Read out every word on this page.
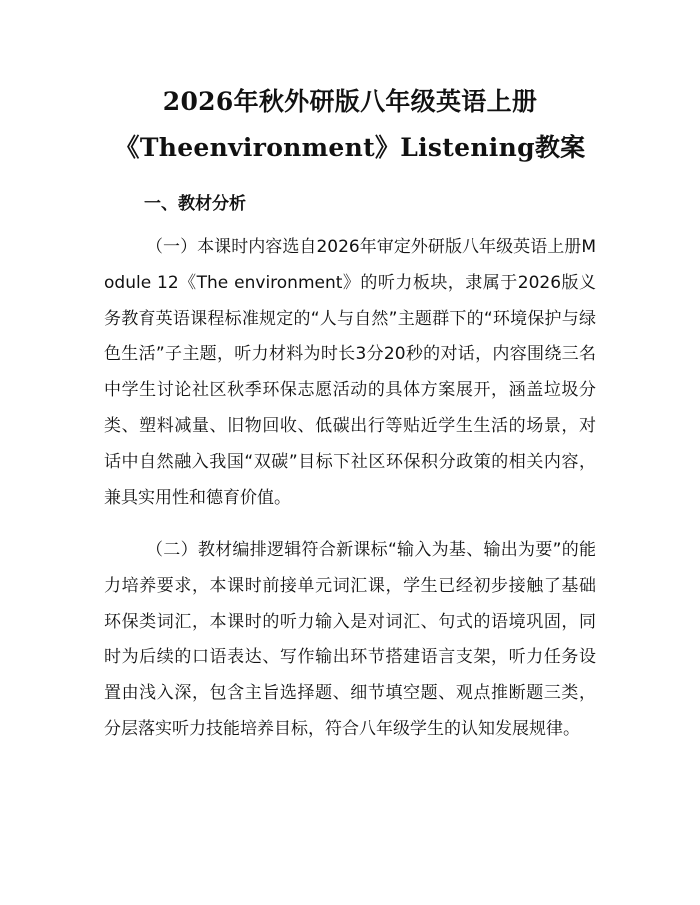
2026年秋外研版八年级英语上册
《Theenvironment》Listening教案
一、教材分析

（一）本课时内容选自2026年审定外研版八年级英语上册Module 12《The environment》的听力板块，隶属于2026版义务教育英语课程标准规定的“人与自然”主题群下的“环境保护与绿色生活”子主题，听力材料为时长3分20秒的对话，内容围绕三名中学生讨论社区秋季环保志愿活动的具体方案展开，涵盖垃圾分类、塑料减量、旧物回收、低碳出行等贴近学生生活的场景，对话中自然融入我国“双碳”目标下社区环保积分政策的相关内容，兼具实用性和德育价值。

（二）教材编排逻辑符合新课标“输入为基、输出为要”的能力培养要求，本课时前接单元词汇课，学生已经初步接触了基础环保类词汇，本课时的听力输入是对词汇、句式的语境巩固，同时为后续的口语表达、写作输出环节搭建语言支架，听力任务设置由浅入深，包含主旨选择题、细节填空题、观点推断题三类，分层落实听力技能培养目标，符合八年级学生的认知发展规律。
